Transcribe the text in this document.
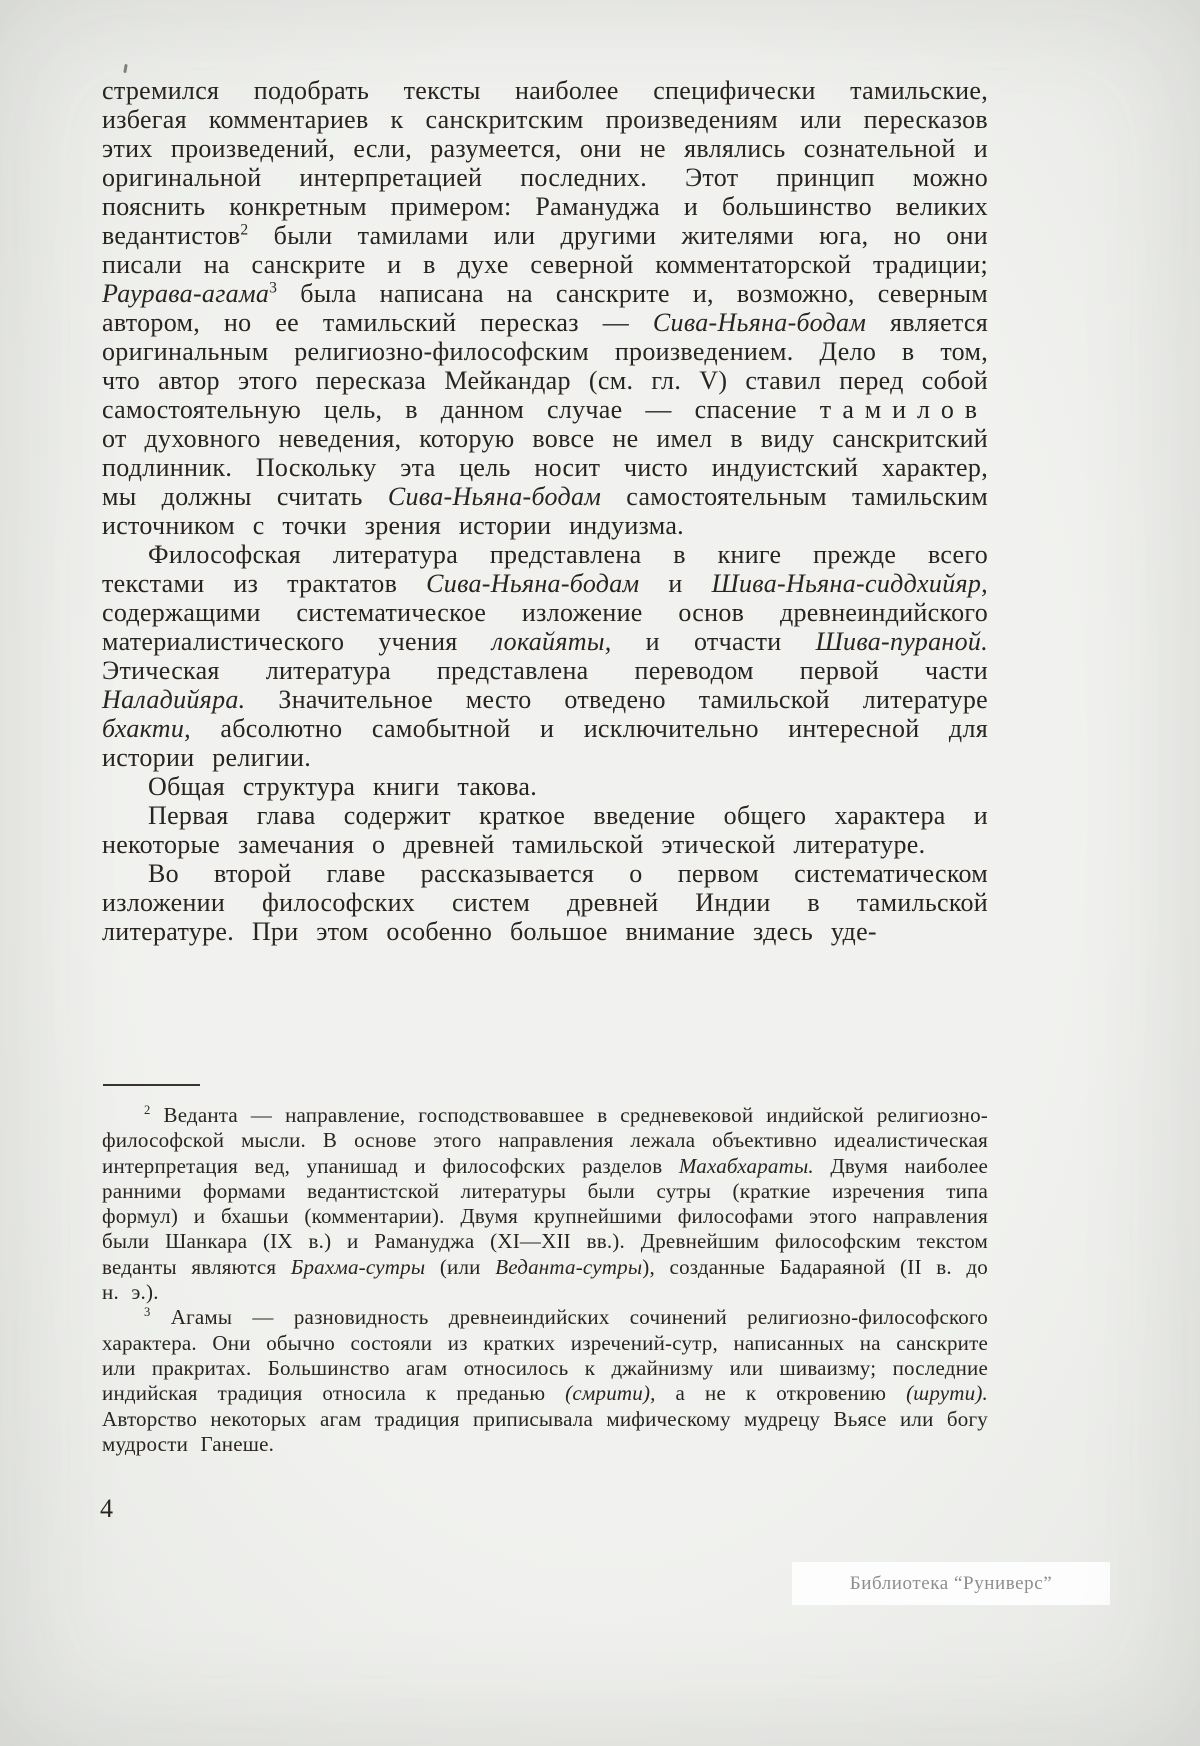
стремился подобрать тексты наиболее специфически тамильские, избегая комментариев к санскритским произведениям или пересказов этих произведений, если, разумеется, они не являлись сознательной и оригинальной интерпретацией последних. Этот принцип можно пояснить конкретным примером: Рамануджа и большинство великих ведантистов$^2$ были тамилами или другими жителями юга, но они писали на санскрите и в духе северной комментаторской традиции; Раурава-агама$^3$ была написана на санскрите и, возможно, северным автором, но ее тамильский пересказ — Сива-Ньяна-бодам является оригинальным религиозно-философским произведением. Дело в том, что автор этого пересказа Мейкандар (см. гл. V) ставил перед собой самостоятельную цель, в данном случае — спасение тамилов от духовного неведения, которую вовсе не имел в виду санскритский подлинник. Поскольку эта цель носит чисто индуистский характер, мы должны считать Сива-Ньяна-бодам самостоятельным тамильским источником с точки зрения истории индуизма.

Философская литература представлена в книге прежде всего текстами из трактатов Сива-Ньяна-бодам и Шива-Ньяна-сиддхийяр, содержащими систематическое изложение основ древнеиндийского материалистического учения локайяты, и отчасти Шива-пураной. Этическая литература представлена переводом первой части Наладийяра. Значительное место отведено тамильской литературе бхакти, абсолютно самобытной и исключительно интересной для истории религии.

Общая структура книги такова.

Первая глава содержит краткое введение общего характера и некоторые замечания о древней тамильской этической литературе.

Во второй главе рассказывается о первом систематическом изложении философских систем древней Индии в тамильской литературе. При этом особенно большое внимание здесь уде-

$^2$ Веданта — направление, господствовавшее в средневековой индийской религиозно-философской мысли. В основе этого направления лежала объективно идеалистическая интерпретация вед, упанишад и философских разделов Махабхараты. Двумя наиболее ранними формами ведантистской литературы были сутры (краткие изречения типа формул) и бхашьи (комментарии). Двумя крупнейшими философами этого направления были Шанкара (IX в.) и Рамануджа (XI—XII вв.). Древнейшим философским текстом веданты являются Брахма-сутры (или Веданта-сутры), созданные Бадараяной (II в. до н. э.).

$^3$ Агамы — разновидность древнеиндийских сочинений религиозно-философского характера. Они обычно состояли из кратких изречений-сутр, написанных на санскрите или пракритах. Большинство агам относилось к джайнизму или шиваизму; последние индийская традиция относила к преданью (смрити), а не к откровению (шрути). Авторство некоторых агам традиция приписывала мифическому мудрецу Вьясе или богу мудрости Ганеше.

4
Библиотека “Руниверс”
